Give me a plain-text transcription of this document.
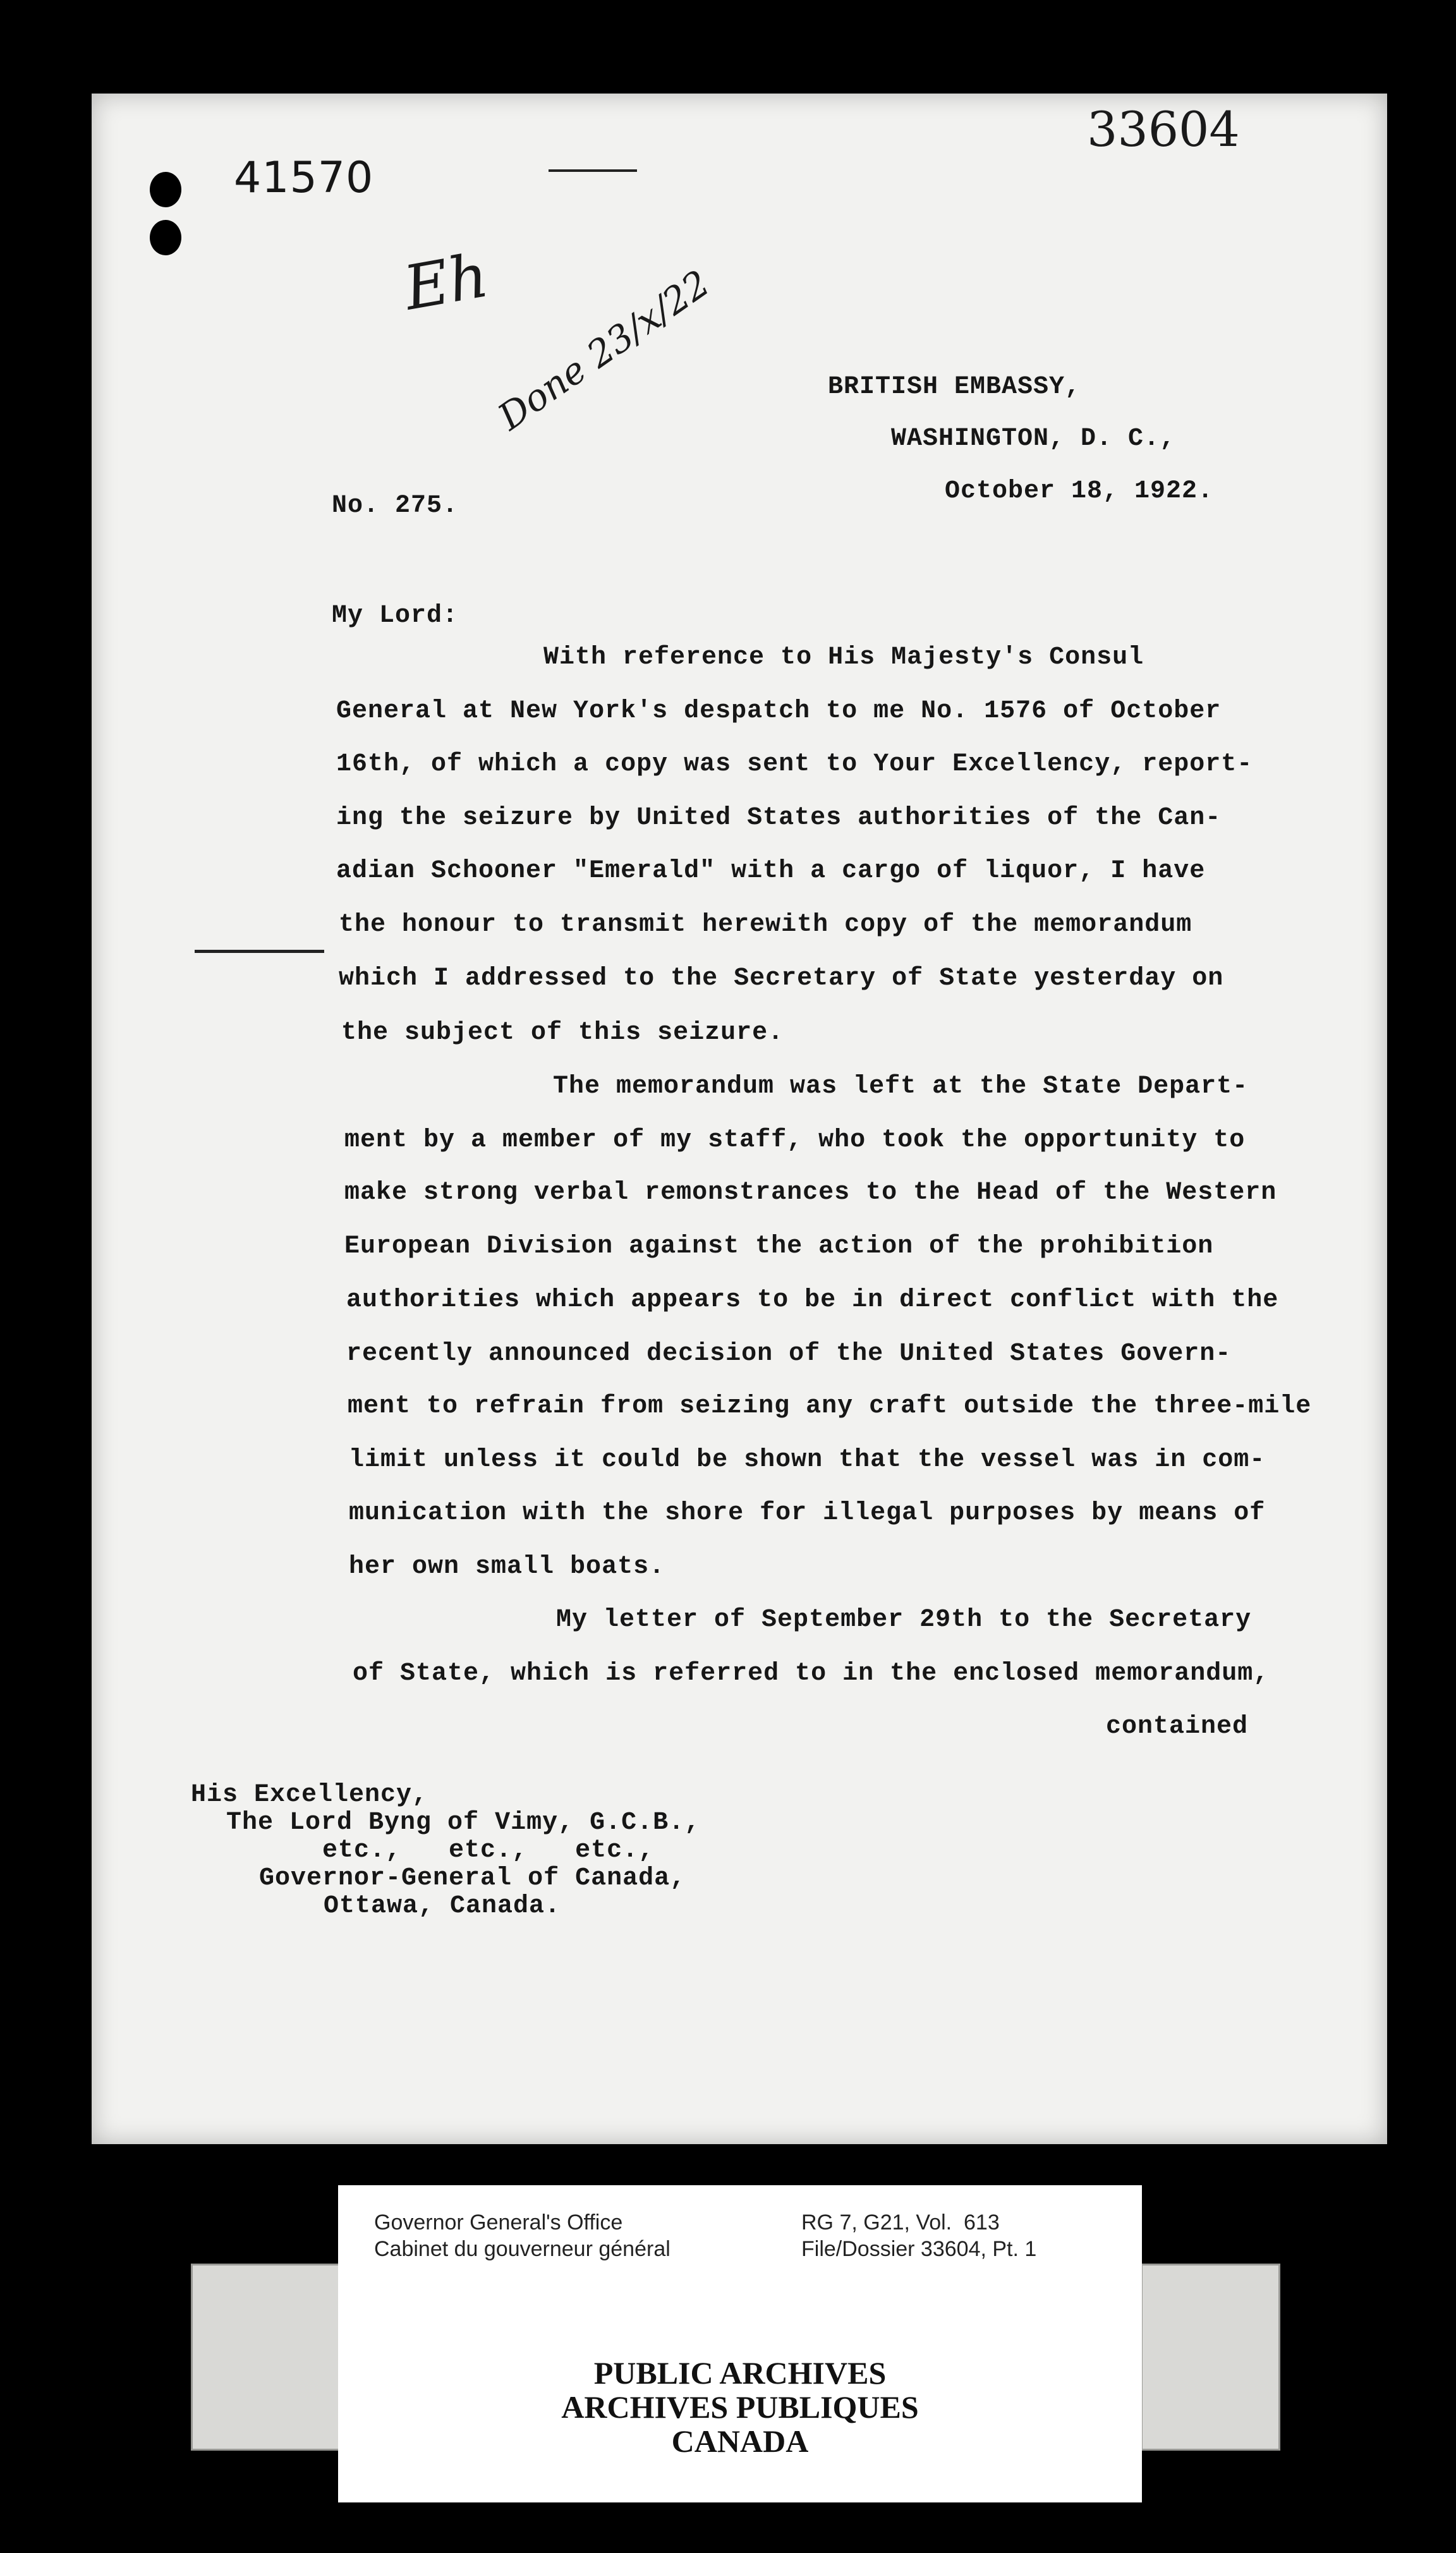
41570
33604
Eh
Done 23/x/22	BRITISH EMBASSY,
WASHINGTON, D. C.,
October 18, 1922.
No. 275.
My Lord:
With reference to His Majesty's Consul
General at New York's despatch to me No. 1576 of October
16th, of which a copy was sent to Your Excellency, report-
ing the seizure by United States authorities of the Can-
adian Schooner "Emerald" with a cargo of liquor, I have
the honour to transmit herewith copy of the memorandum
which I addressed to the Secretary of State yesterday on
the subject of this seizure.
The memorandum was left at the State Depart-
ment by a member of my staff, who took the opportunity to
make strong verbal remonstrances to the Head of the Western
European Division against the action of the prohibition
authorities which appears to be in direct conflict with the
recently announced decision of the United States Govern-
ment to refrain from seizing any craft outside the three-mile
limit unless it could be shown that the vessel was in com-
munication with the shore for illegal purposes by means of
her own small boats.
My letter of September 29th to the Secretary
of State, which is referred to in the enclosed memorandum,
contained
His Excellency,
The Lord Byng of Vimy, G.C.B.,
etc.,   etc.,   etc.,
Governor-General of Canada,
Ottawa, Canada.
Governor General's Office
Cabinet du gouverneur général
RG 7, G21, Vol.  613
File/Dossier 33604, Pt. 1
PUBLIC ARCHIVES
ARCHIVES PUBLIQUES
CANADA
